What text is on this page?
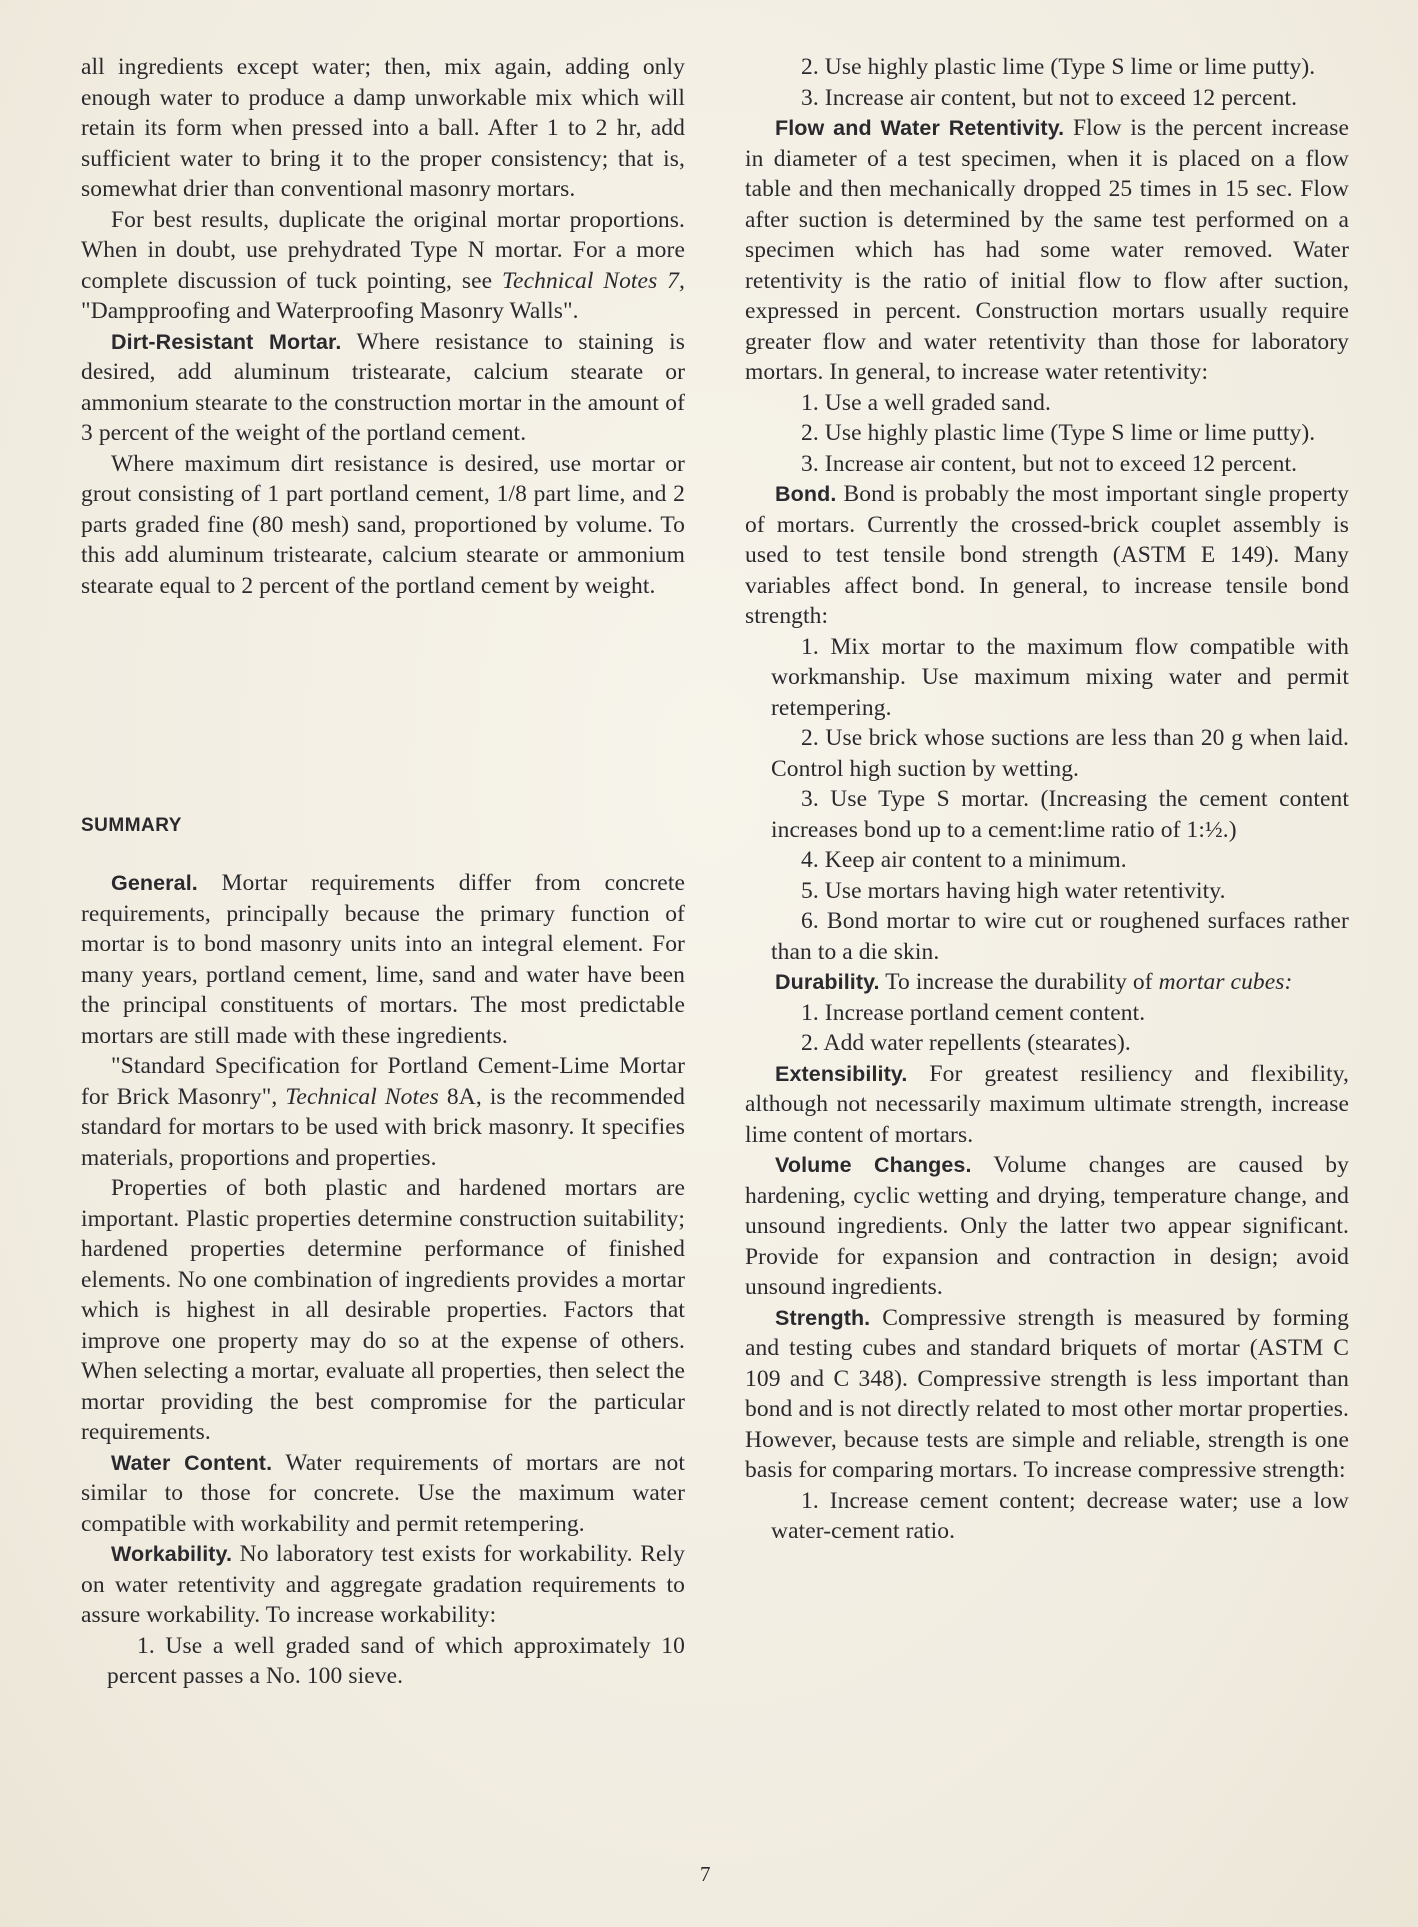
all ingredients except water; then, mix again, adding only enough water to produce a damp unworkable mix which will retain its form when pressed into a ball. After 1 to 2 hr, add sufficient water to bring it to the proper consistency; that is, somewhat drier than conventional masonry mortars.

For best results, duplicate the original mortar proportions. When in doubt, use prehydrated Type N mortar. For a more complete discussion of tuck pointing, see Technical Notes 7, "Dampproofing and Waterproofing Masonry Walls".

Dirt-Resistant Mortar. Where resistance to staining is desired, add aluminum tristearate, calcium stearate or ammonium stearate to the construction mortar in the amount of 3 percent of the weight of the portland cement.

Where maximum dirt resistance is desired, use mortar or grout consisting of 1 part portland cement, 1/8 part lime, and 2 parts graded fine (80 mesh) sand, proportioned by volume. To this add aluminum tristearate, calcium stearate or ammonium stearate equal to 2 percent of the portland cement by weight.

SUMMARY

General. Mortar requirements differ from concrete requirements, principally because the primary function of mortar is to bond masonry units into an integral element. For many years, portland cement, lime, sand and water have been the principal constituents of mortars. The most predictable mortars are still made with these ingredients.

"Standard Specification for Portland Cement-Lime Mortar for Brick Masonry", Technical Notes 8A, is the recommended standard for mortars to be used with brick masonry. It specifies materials, proportions and properties.

Properties of both plastic and hardened mortars are important. Plastic properties determine construction suitability; hardened properties determine performance of finished elements. No one combination of ingredients provides a mortar which is highest in all desirable properties. Factors that improve one property may do so at the expense of others. When selecting a mortar, evaluate all properties, then select the mortar providing the best compromise for the particular requirements.

Water Content. Water requirements of mortars are not similar to those for concrete. Use the maximum water compatible with workability and permit retempering.

Workability. No laboratory test exists for workability. Rely on water retentivity and aggregate gradation requirements to assure workability. To increase workability:

1. Use a well graded sand of which approximately 10 percent passes a No. 100 sieve.

2. Use highly plastic lime (Type S lime or lime putty).

3. Increase air content, but not to exceed 12 percent.

Flow and Water Retentivity. Flow is the percent increase in diameter of a test specimen, when it is placed on a flow table and then mechanically dropped 25 times in 15 sec. Flow after suction is determined by the same test performed on a specimen which has had some water removed. Water retentivity is the ratio of initial flow to flow after suction, expressed in percent. Construction mortars usually require greater flow and water retentivity than those for laboratory mortars. In general, to increase water retentivity:

1. Use a well graded sand.

2. Use highly plastic lime (Type S lime or lime putty).

3. Increase air content, but not to exceed 12 percent.

Bond. Bond is probably the most important single property of mortars. Currently the crossed-brick couplet assembly is used to test tensile bond strength (ASTM E 149). Many variables affect bond. In general, to increase tensile bond strength:

1. Mix mortar to the maximum flow compatible with workmanship. Use maximum mixing water and permit retempering.

2. Use brick whose suctions are less than 20 g when laid. Control high suction by wetting.

3. Use Type S mortar. (Increasing the cement content increases bond up to a cement:lime ratio of 1:½.)

4. Keep air content to a minimum.

5. Use mortars having high water retentivity.

6. Bond mortar to wire cut or roughened surfaces rather than to a die skin.

Durability. To increase the durability of mortar cubes:

1. Increase portland cement content.

2. Add water repellents (stearates).

Extensibility. For greatest resiliency and flexibility, although not necessarily maximum ultimate strength, increase lime content of mortars.

Volume Changes. Volume changes are caused by hardening, cyclic wetting and drying, temperature change, and unsound ingredients. Only the latter two appear significant. Provide for expansion and contraction in design; avoid unsound ingredients.

Strength. Compressive strength is measured by forming and testing cubes and standard briquets of mortar (ASTM C 109 and C 348). Compressive strength is less important than bond and is not directly related to most other mortar properties. However, because tests are simple and reliable, strength is one basis for comparing mortars. To increase compressive strength:

1. Increase cement content; decrease water; use a low water-cement ratio.

7
